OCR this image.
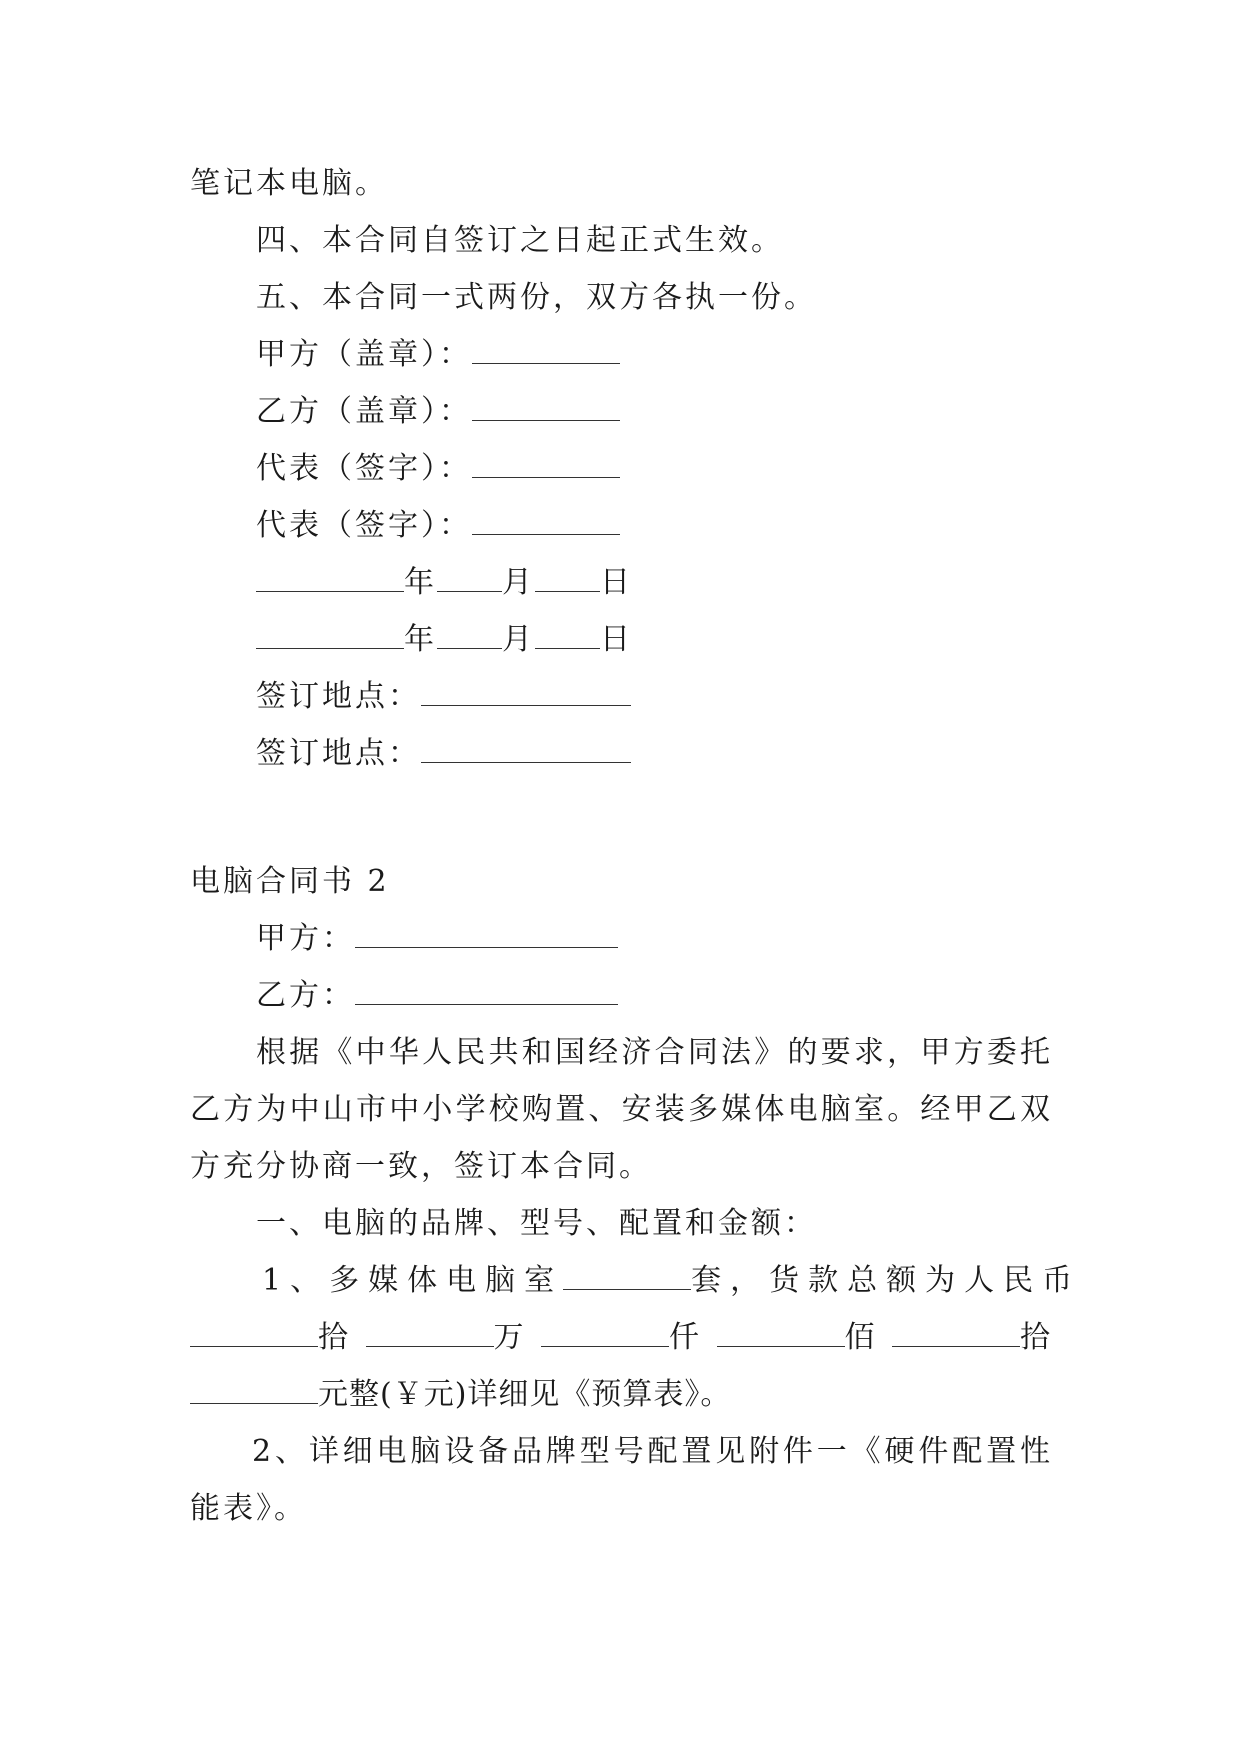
笔记本电脑。
四、本合同自签订之日起正式生效。
五、本合同一式两份，双方各执一份。
甲方（盖章）：
乙方（盖章）：
代表（签字）：
代表（签字）：
年 月 日
年 月 日
签订地点：
签订地点：
电脑合同书 2
甲方：
乙方：
根据《中华人民共和国经济合同法》的要求，甲方委托
乙方为中山市中小学校购置、安装多媒体电脑室。经甲乙双
方充分协商一致，签订本合同。
一、电脑的品牌、型号、配置和金额：
1、多媒体电脑室	套，货款总额为人民币
拾	万	仟	佰	拾
元整(￥元)详细见《预算表》。
2、详细电脑设备品牌型号配置见附件一《硬件配置性
能表》。
